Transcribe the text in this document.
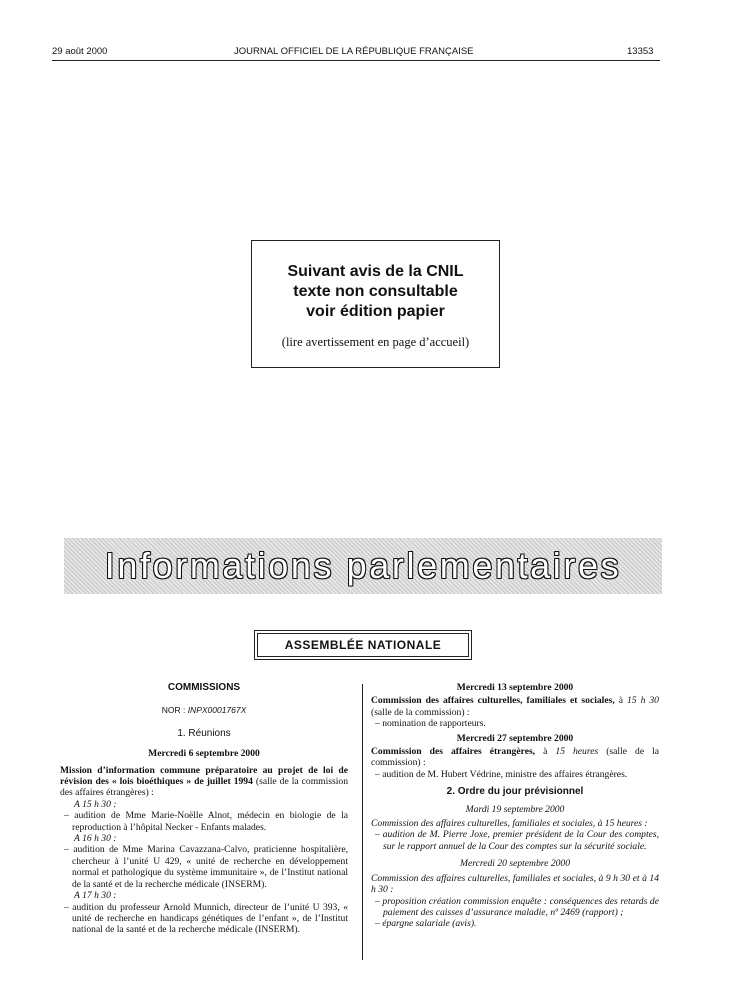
29 août 2000	JOURNAL OFFICIEL DE LA RÉPUBLIQUE FRANÇAISE	13353
Suivant avis de la CNIL
texte non consultable
voir édition papier
(lire avertissement en page d’accueil)
Informations parlementaires
ASSEMBLÉE NATIONALE

COMMISSIONS

NOR : INPX0001767X

1. Réunions

Mercredi 6 septembre 2000

Mission d’information commune préparatoire au projet de loi de révision des « lois bioéthiques » de juillet 1994 (salle de la commission des affaires étrangères) :

A 15 h 30 :

– audition de Mme Marie-Noëlle Alnot, médecin en biologie de la reproduction à l’hôpital Necker - Enfants malades.

A 16 h 30 :

– audition de Mme Marina Cavazzana-Calvo, praticienne hospitalière, chercheur à l’unité U 429, « unité de recherche en développement normal et pathologique du système immunitaire », de l’Institut national de la santé et de la recherche médicale (INSERM).

A 17 h 30 :

– audition du professeur Arnold Munnich, directeur de l’unité U 393, « unité de recherche en handicaps génétiques de l’enfant », de l’Institut national de la santé et de la recherche médicale (INSERM).

Mercredi 13 septembre 2000

Commission des affaires culturelles, familiales et sociales, à 15 h 30 (salle de la commission) :

– nomination de rapporteurs.

Mercredi 27 septembre 2000

Commission des affaires étrangères, à 15 heures (salle de la commission) :

– audition de M. Hubert Védrine, ministre des affaires étrangères.

2. Ordre du jour prévisionnel

Mardi 19 septembre 2000

Commission des affaires culturelles, familiales et sociales, à 15 heures :

– audition de M. Pierre Joxe, premier président de la Cour des comptes, sur le rapport annuel de la Cour des comptes sur la sécurité sociale.

Mercredi 20 septembre 2000

Commission des affaires culturelles, familiales et sociales, à 9 h 30 et à 14 h 30 :

– proposition création commission enquête : conséquences des retards de paiement des caisses d’assurance maladie, nº 2469 (rapport) ;

– épargne salariale (avis).
